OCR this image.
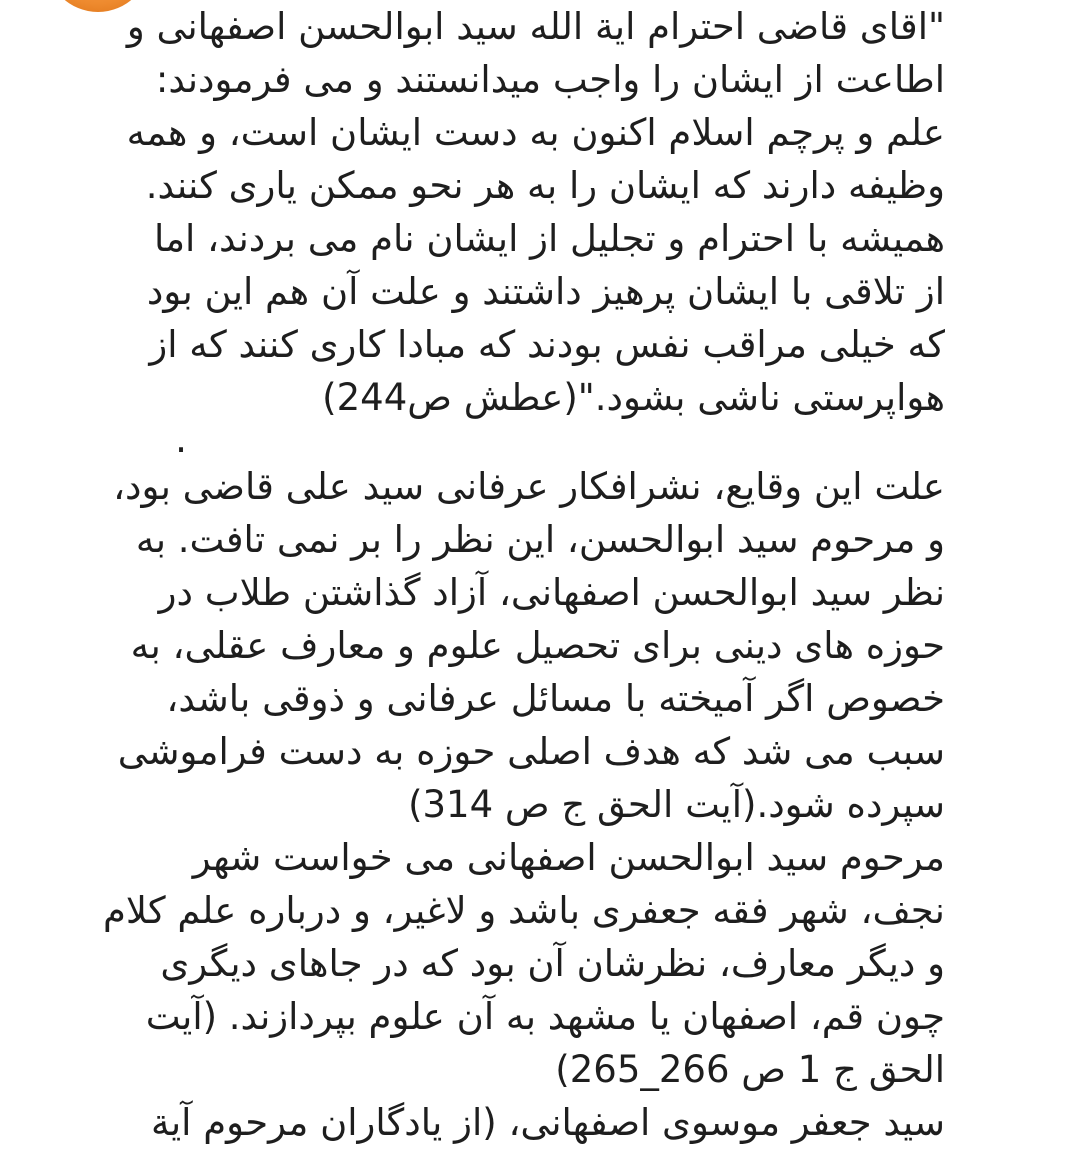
.
"اقای قاضی احترام ایة الله سید ابوالحسن اصفهانی و
اطاعت از ایشان را واجب میدانستند و می فرمودند:
علم و پرچم اسلام اکنون به دست ایشان است، و همه
وظیفه دارند که ایشان را به هر نحو ممکن یاری کنند.
همیشه با احترام و تجلیل از ایشان نام می بردند، اما
از تلاقی با ایشان پرهیز داشتند و علت آن هم این بود
که خیلی مراقب نفس بودند که مبادا کاری کنند که از
هواپرستی ناشی بشود."(عطش ص244)
علت این وقایع، نشرافکار عرفانی سید علی قاضی بود،
و مرحوم سید ابوالحسن، این نظر را بر نمی تافت. به
نظر سید ابوالحسن اصفهانی، آزاد گذاشتن طلاب در
حوزه های دینی برای تحصیل علوم و معارف عقلی، به
خصوص اگر آمیخته با مسائل عرفانی و ذوقی باشد،
سبب می شد که هدف اصلی حوزه به دست فراموشی
سپرده شود.(آیت الحق ج ص 314)
مرحوم سید ابوالحسن اصفهانی می خواست شهر
نجف، شهر فقه جعفری باشد و لاغیر، و درباره علم کلام
و دیگر معارف، نظرشان آن بود که در جاهای دیگری
چون قم، اصفهان یا مشهد به آن علوم بپردازند. (آیت
الحق ج 1 ص 266_265)
سید جعفر موسوی اصفهانی، (از یادگاران مرحوم آیة
